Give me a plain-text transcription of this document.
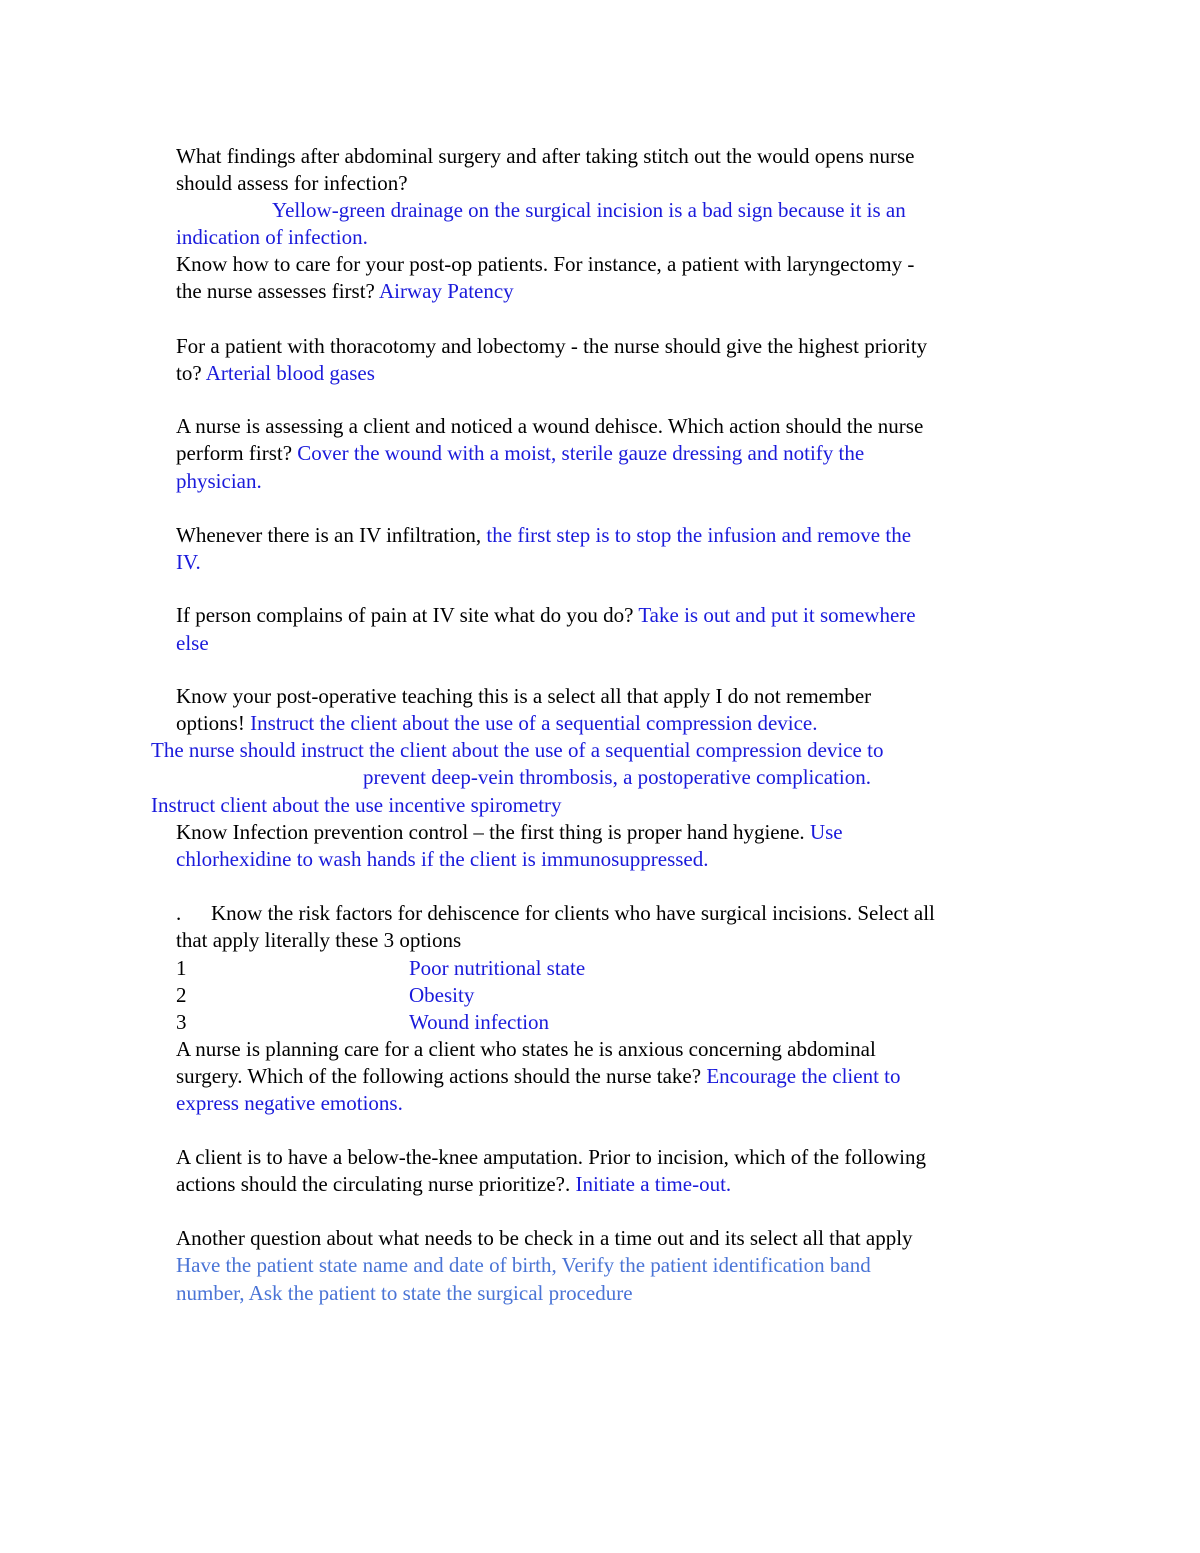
What findings after abdominal surgery and after taking stitch out the would opens nurse
should assess for infection?
Yellow-green drainage on the surgical incision is a bad sign because it is an
indication of infection.
Know how to care for your post-op patients. For instance, a patient with laryngectomy -
the nurse assesses first? Airway Patency
For a patient with thoracotomy and lobectomy - the nurse should give the highest priority
to? Arterial blood gases
A nurse is assessing a client and noticed a wound dehisce. Which action should the nurse
perform first? Cover the wound with a moist, sterile gauze dressing and notify the
physician.
Whenever there is an IV infiltration, the first step is to stop the infusion and remove the
IV.
If person complains of pain at IV site what do you do? Take is out and put it somewhere
else
Know your post-operative teaching this is a select all that apply I do not remember
options! Instruct the client about the use of a sequential compression device.
The nurse should instruct the client about the use of a sequential compression device to
prevent deep-vein thrombosis, a postoperative complication.
Instruct client about the use incentive spirometry
Know Infection prevention control – the first thing is proper hand hygiene. Use
chlorhexidine to wash hands if the client is immunosuppressed.
. Know the risk factors for dehiscence for clients who have surgical incisions. Select all
that apply literally these 3 options
1	Poor nutritional state
2	Obesity
3	Wound infection
A nurse is planning care for a client who states he is anxious concerning abdominal
surgery. Which of the following actions should the nurse take? Encourage the client to
express negative emotions.
A client is to have a below-the-knee amputation. Prior to incision, which of the following
actions should the circulating nurse prioritize?. Initiate a time-out.
Another question about what needs to be check in a time out and its select all that apply
Have the patient state name and date of birth, Verify the patient identification band
number, Ask the patient to state the surgical procedure
